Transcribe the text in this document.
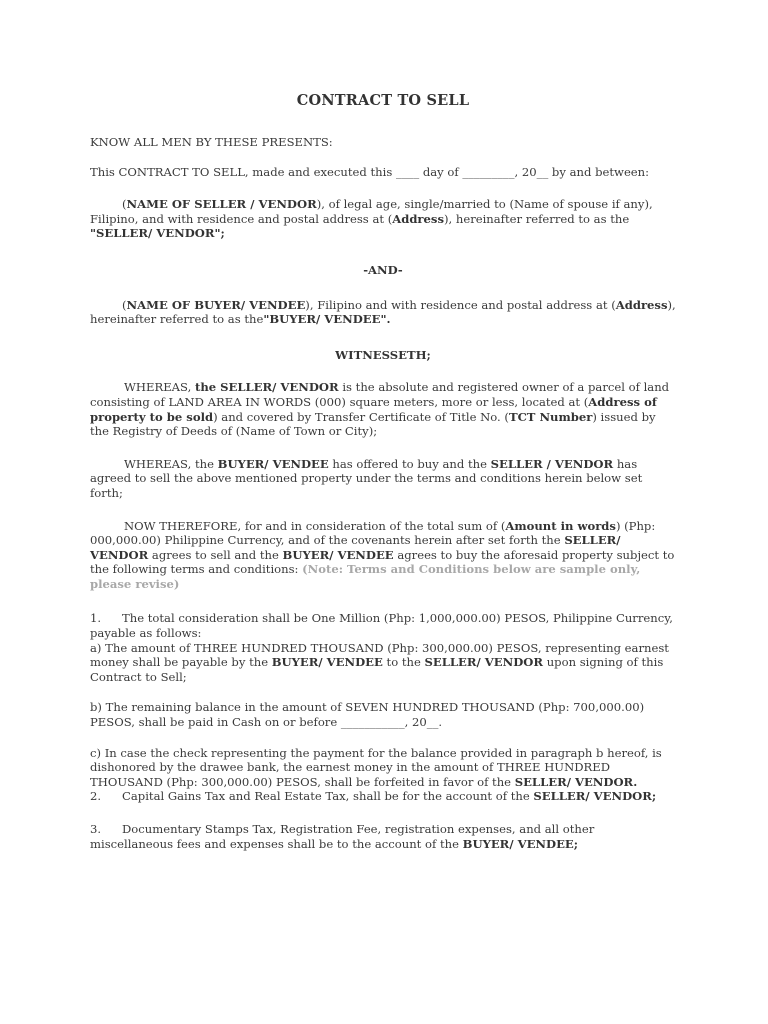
CONTRACT TO SELL

KNOW ALL MEN BY THESE PRESENTS:

This CONTRACT TO SELL, made and executed this ____ day of _________, 20__ by and between:

(NAME OF SELLER / VENDOR), of legal age, single/married to (Name of spouse if any), Filipino, and with residence and postal address at (Address), hereinafter referred to as the "SELLER/ VENDOR";

-AND-

(NAME OF BUYER/ VENDEE), Filipino and with residence and postal address at (Address), hereinafter referred to as the"BUYER/ VENDEE".

WITNESSETH;

WHEREAS, the SELLER/ VENDOR is the absolute and registered owner of a parcel of land consisting of LAND AREA IN WORDS (000) square meters, more or less, located at (Address of property to be sold) and covered by Transfer Certificate of Title No. (TCT Number) issued by the Registry of Deeds of (Name of Town or City);

WHEREAS, the BUYER/ VENDEE has offered to buy and the SELLER / VENDOR has agreed to sell the above mentioned property under the terms and conditions herein below set forth;

NOW THEREFORE, for and in consideration of the total sum of (Amount in words) (Php: 000,000.00) Philippine Currency, and of the covenants herein after set forth the SELLER/ VENDOR agrees to sell and the BUYER/ VENDEE agrees to buy the aforesaid property subject to the following terms and conditions: (Note: Terms and Conditions below are sample only, please revise)

1. The total consideration shall be One Million (Php: 1,000,000.00) PESOS, Philippine Currency, payable as follows:

a) The amount of THREE HUNDRED THOUSAND (Php: 300,000.00) PESOS, representing earnest money shall be payable by the BUYER/ VENDEE to the SELLER/ VENDOR upon signing of this Contract to Sell;

b) The remaining balance in the amount of SEVEN HUNDRED THOUSAND (Php: 700,000.00) PESOS, shall be paid in Cash on or before ___________, 20__.

c) In case the check representing the payment for the balance provided in paragraph b hereof, is dishonored by the drawee bank, the earnest money in the amount of THREE HUNDRED THOUSAND (Php: 300,000.00) PESOS, shall be forfeited in favor of the SELLER/ VENDOR.

2. Capital Gains Tax and Real Estate Tax, shall be for the account of the SELLER/ VENDOR;

3. Documentary Stamps Tax, Registration Fee, registration expenses, and all other miscellaneous fees and expenses shall be to the account of the BUYER/ VENDEE;
